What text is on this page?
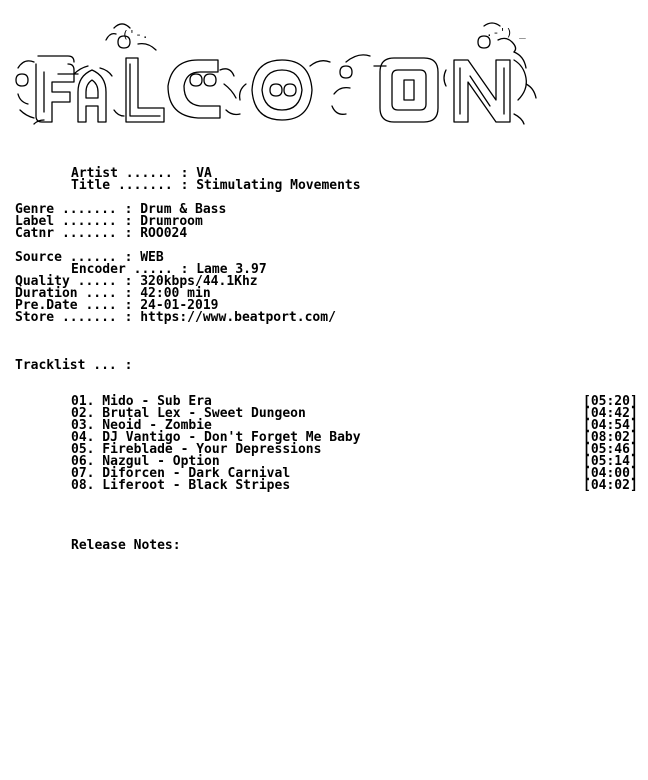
('-.	.-') _
Artist ...... : VA
Title ....... : Stimulating Movements
Genre ....... : Drum & Bass
Label ....... : Drumroom
Catnr ....... : ROO024
Source ...... : WEB
Encoder ..... : Lame 3.97
Quality ..... : 320kbps/44.1Khz
Duration .... : 42:00 min
Pre.Date .... : 24-01-2019
Store ....... : https://www.beatport.com/
Tracklist ... :
01. Mido - Sub Era	[05:20]
02. Brutal Lex - Sweet Dungeon	[04:42]
03. Neoid - Zombie	[04:54]
04. DJ Vantigo - Don't Forget Me Baby	[08:02]
05. Fireblade - Your Depressions	[05:46]
06. Nazgul - Option	[05:14]
07. Diforcen - Dark Carnival	[04:00]
08. Liferoot - Black Stripes	[04:02]
Release Notes:
